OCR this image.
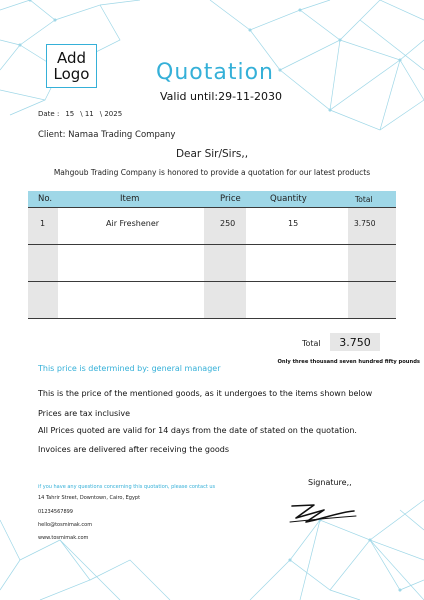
Add
Logo	Quotation
Valid until:29-11-2030
Date : 15 \ 11 \ 2025
Client: Namaa Trading Company
Dear Sir/Sirs,,
Mahgoub Trading Company is honored to provide a quotation for our latest products
No.	Item	Price	Quantity	Total
1	Air Freshener	250	15	3.750
Total	3.750
Only three thousand seven hundred fifty pounds
This price is determined by: general manager
This is the price of the mentioned goods, as it undergoes to the items shown below
Prices are tax inclusive
All Prices quoted are valid for 14 days from the date of stated on the quotation.
Invoices are delivered after receiving the goods
if you have any questions concerning this quotation, please contact us
14 Tahrir Street, Downtown, Cairo, Egypt
01234567899
hello@tosmimak.com
www.tosmimak.com
Signature,,
